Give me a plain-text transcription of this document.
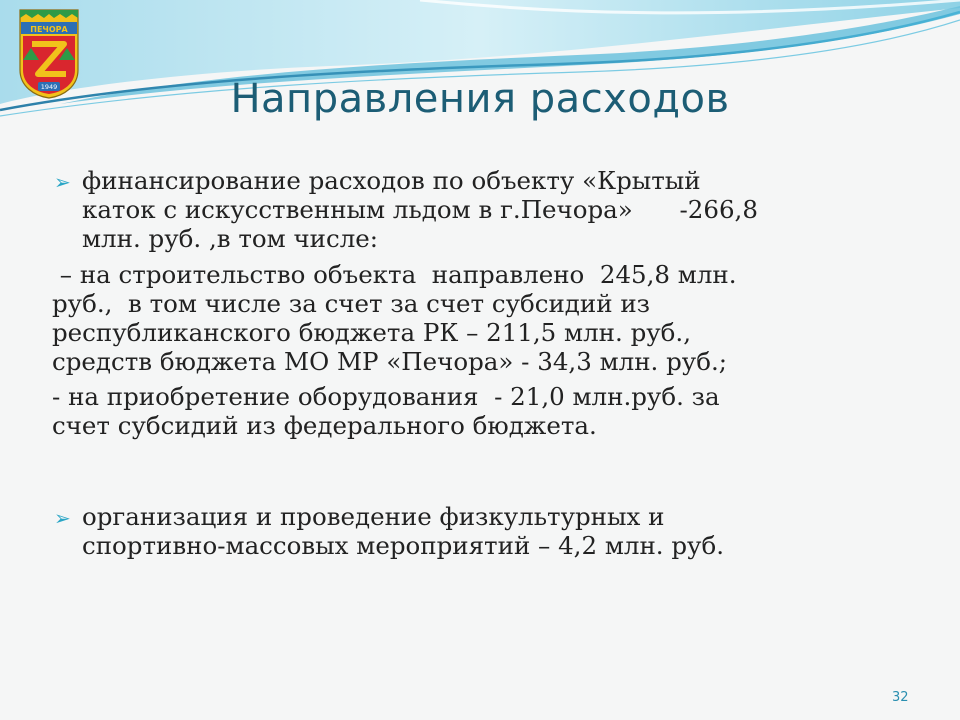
ПЕЧОРА
1949	Направления расходов
➢ финансирование расходов по объекту «Крытый
каток с искусственным льдом в г.Печора»      -266,8
млн. руб. ,в том числе:
– на строительство объекта  направлено  245,8 млн.
руб.,  в том числе за счет за счет субсидий из
республиканского бюджета РК – 211,5 млн. руб.,
средств бюджета МО МР «Печора» - 34,3 млн. руб.;
- на приобретение оборудования  - 21,0 млн.руб. за
счет субсидий из федерального бюджета.
➢ организация и проведение физкультурных и
спортивно-массовых мероприятий – 4,2 млн. руб.
32
